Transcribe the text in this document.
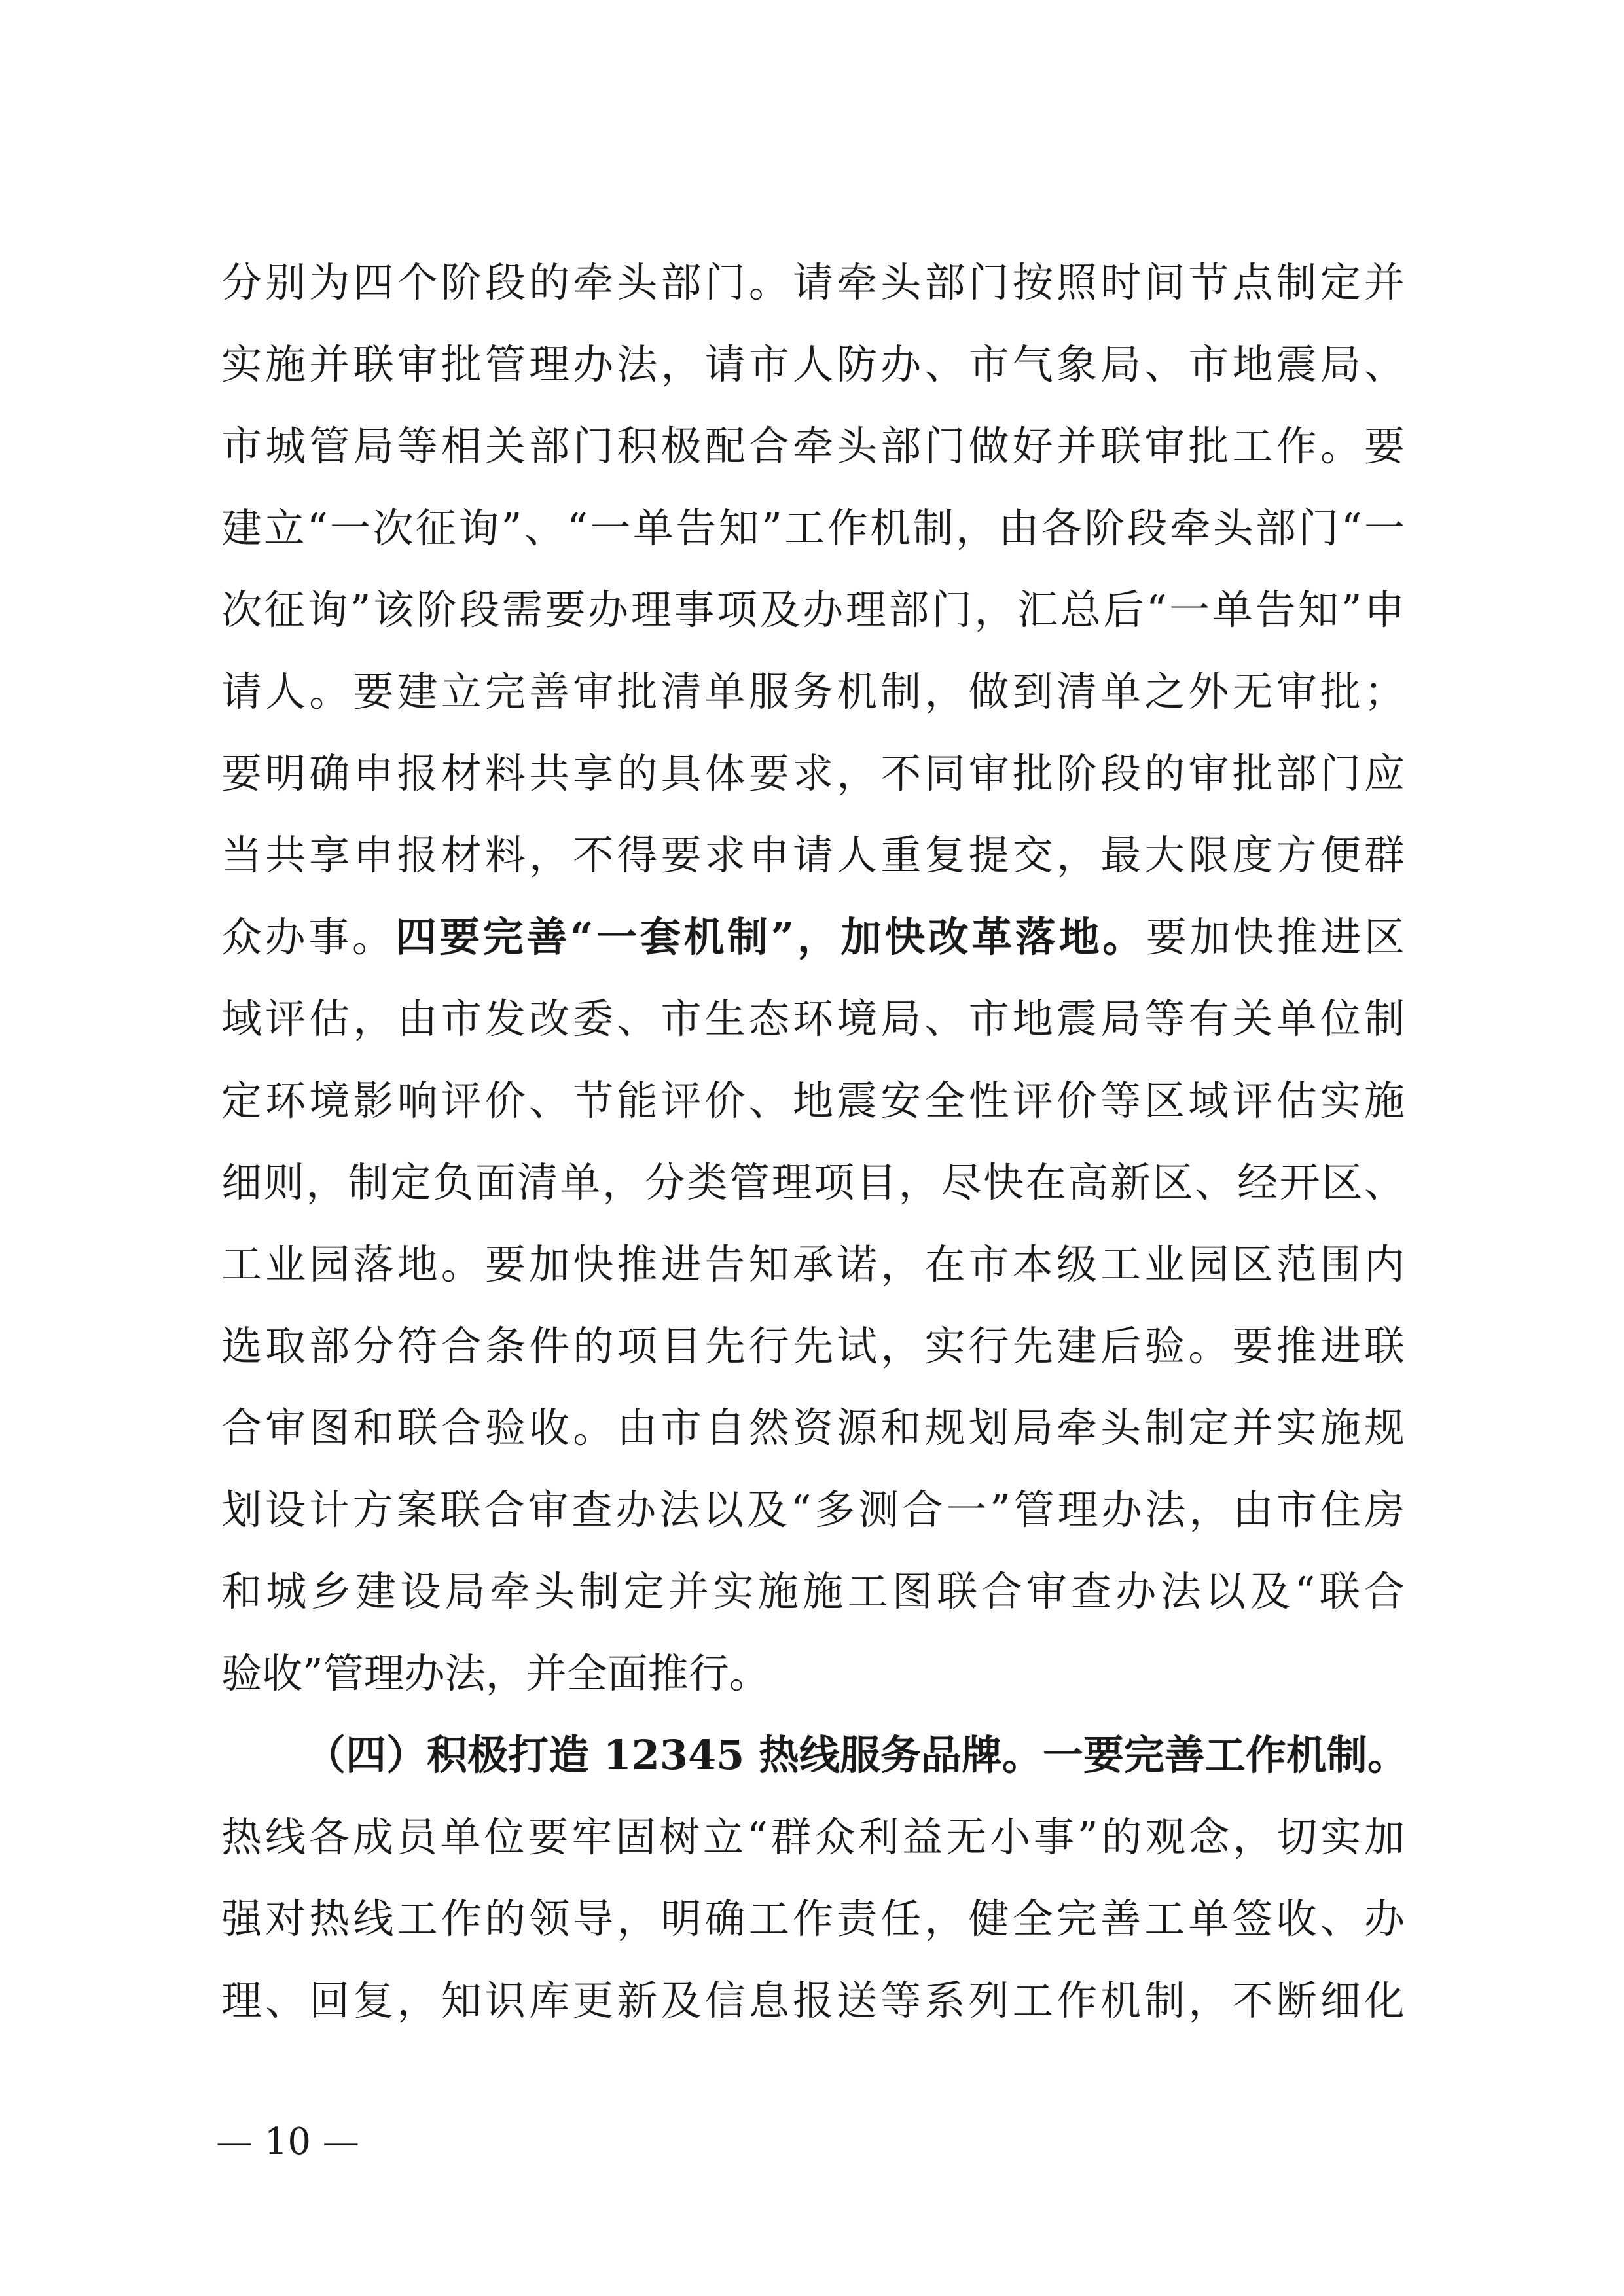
分别为四个阶段的牵头部门。请牵头部门按照时间节点制定并
实施并联审批管理办法，请市人防办、市气象局、市地震局、
市城管局等相关部门积极配合牵头部门做好并联审批工作。要
建立“一次征询”、“一单告知”工作机制，由各阶段牵头部门“一
次征询”该阶段需要办理事项及办理部门，汇总后“一单告知”申
请人。要建立完善审批清单服务机制，做到清单之外无审批；
要明确申报材料共享的具体要求，不同审批阶段的审批部门应
当共享申报材料，不得要求申请人重复提交，最大限度方便群
众办事。四要完善“一套机制”，加快改革落地。要加快推进区
域评估，由市发改委、市生态环境局、市地震局等有关单位制
定环境影响评价、节能评价、地震安全性评价等区域评估实施
细则，制定负面清单，分类管理项目，尽快在高新区、经开区、
工业园落地。要加快推进告知承诺，在市本级工业园区范围内
选取部分符合条件的项目先行先试，实行先建后验。要推进联
合审图和联合验收。由市自然资源和规划局牵头制定并实施规
划设计方案联合审查办法以及“多测合一”管理办法，由市住房
和城乡建设局牵头制定并实施施工图联合审查办法以及“联合
验收”管理办法，并全面推行。
（四）积极打造 12345 热线服务品牌。一要完善工作机制。
热线各成员单位要牢固树立“群众利益无小事”的观念，切实加
强对热线工作的领导，明确工作责任，健全完善工单签收、办
理、回复，知识库更新及信息报送等系列工作机制，不断细化
— 10 —
